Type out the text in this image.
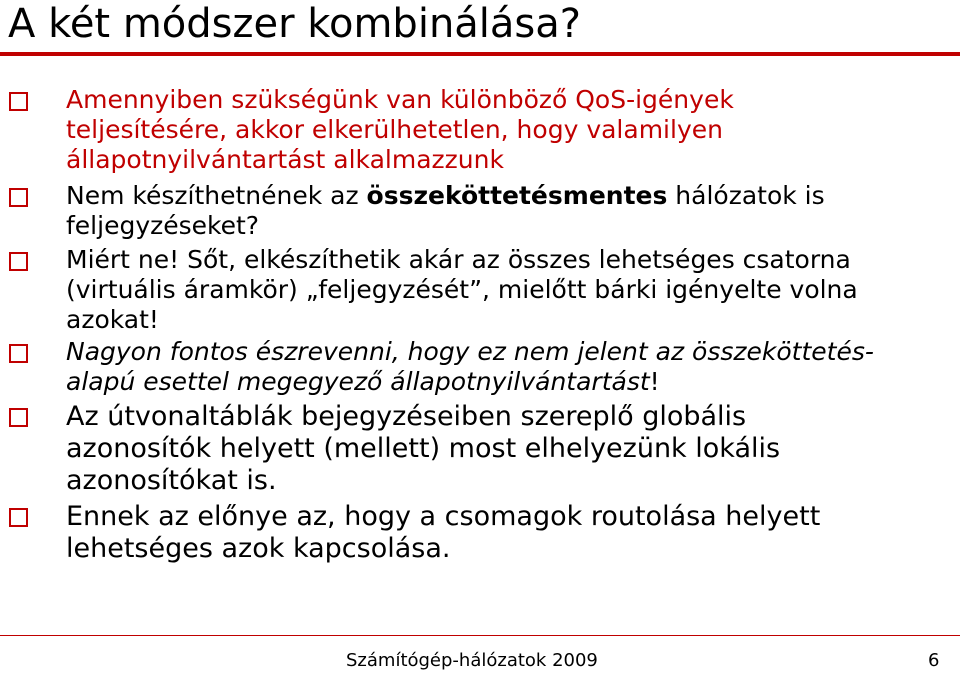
A két módszer kombinálása?
Amennyiben szükségünk van különböző QoS-igények teljesítésére, akkor elkerülhetetlen, hogy valamilyen állapotnyilvántartást alkalmazzunk
Nem készíthetnének az összeköttetésmentes hálózatok is feljegyzéseket?
Miért ne! Sőt, elkészíthetik akár az összes lehetséges csatorna (virtuális áramkör) „feljegyzését”, mielőtt bárki igényelte volna azokat!
Nagyon fontos észrevenni, hogy ez nem jelent az összeköttetés-alapú esettel megegyező állapotnyilvántartást!
Az útvonaltáblák bejegyzéseiben szereplő globális azonosítók helyett (mellett) most elhelyezünk lokális azonosítókat is.
Ennek az előnye az, hogy a csomagok routolása helyett lehetséges azok kapcsolása.
Számítógép-hálózatok 2009	6
